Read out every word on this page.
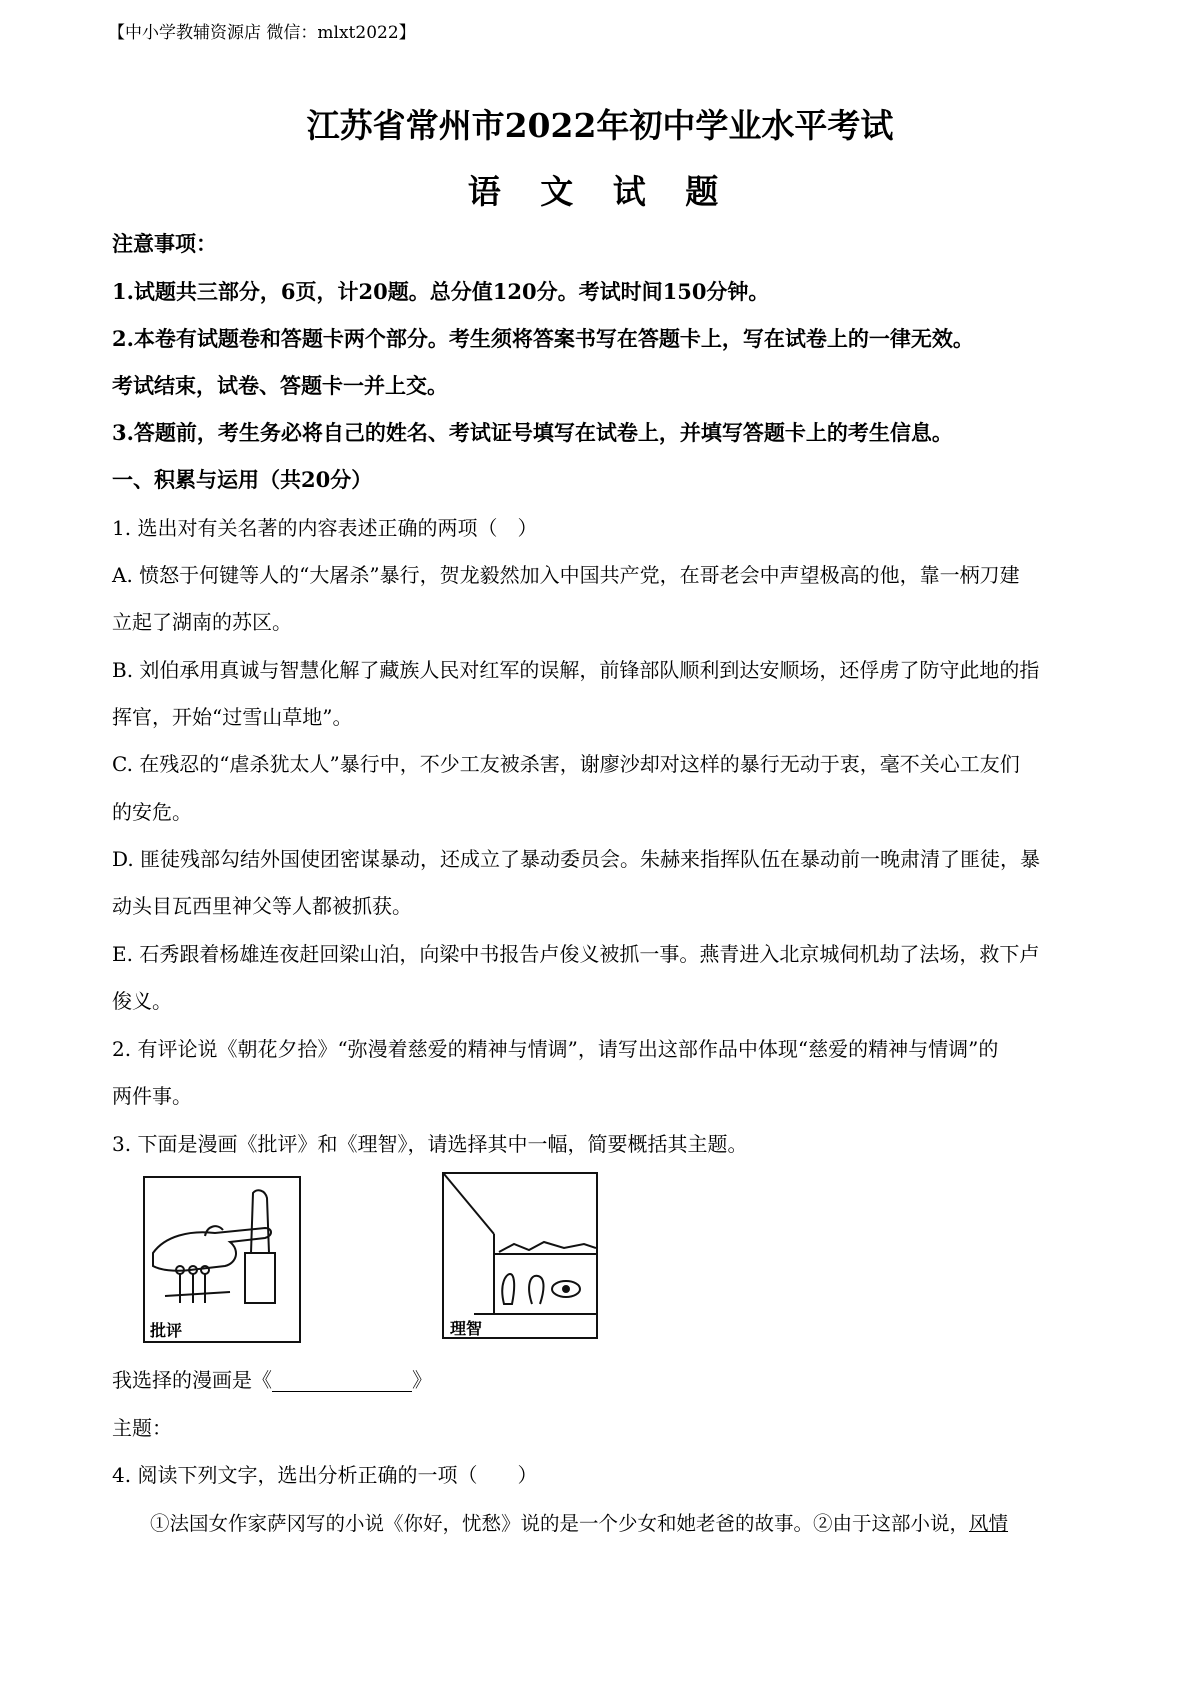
【中小学教辅资源店 微信：mlxt2022】
江苏省常州市2022年初中学业水平考试
语 文 试 题
注意事项：
1.试题共三部分，6页，计20题。总分值120分。考试时间150分钟。
2.本卷有试题卷和答题卡两个部分。考生须将答案书写在答题卡上，写在试卷上的一律无效。
考试结束，试卷、答题卡一并上交。
3.答题前，考生务必将自己的姓名、考试证号填写在试卷上，并填写答题卡上的考生信息。
一、积累与运用（共20分）
1. 选出对有关名著的内容表述正确的两项（　）
A. 愤怒于何键等人的“大屠杀”暴行，贺龙毅然加入中国共产党，在哥老会中声望极高的他，靠一柄刀建
立起了湖南的苏区。
B. 刘伯承用真诚与智慧化解了藏族人民对红军的误解，前锋部队顺利到达安顺场，还俘虏了防守此地的指
挥官，开始“过雪山草地”。
C. 在残忍的“虐杀犹太人”暴行中，不少工友被杀害，谢廖沙却对这样的暴行无动于衷，毫不关心工友们
的安危。
D. 匪徒残部勾结外国使团密谋暴动，还成立了暴动委员会。朱赫来指挥队伍在暴动前一晚肃清了匪徒，暴
动头目瓦西里神父等人都被抓获。
E. 石秀跟着杨雄连夜赶回梁山泊，向梁中书报告卢俊义被抓一事。燕青进入北京城伺机劫了法场，救下卢
俊义。
2. 有评论说《朝花夕拾》“弥漫着慈爱的精神与情调”，请写出这部作品中体现“慈爱的精神与情调”的
两件事。
3. 下面是漫画《批评》和《理智》，请选择其中一幅，简要概括其主题。
批评	理智
我选择的漫画是《	》
主题：
4. 阅读下列文字，选出分析正确的一项（　　）
①法国女作家萨冈写的小说《你好，忧愁》说的是一个少女和她老爸的故事。②由于这部小说，风情
